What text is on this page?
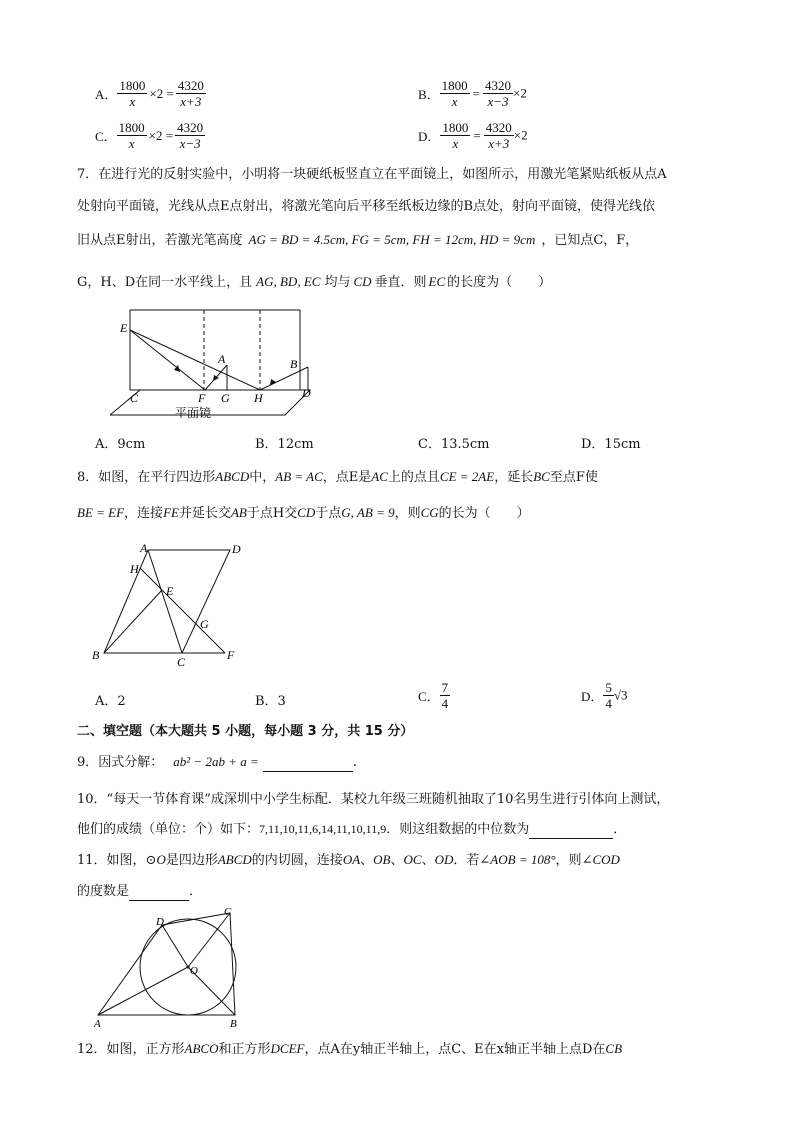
A． $\frac{1800}{x} \times 2 = \frac{4320}{x+3}$	B． $\frac{1800}{x} = \frac{4320}{x-3} \times 2$
C． $\frac{1800}{x} \times 2 = \frac{4320}{x-3}$	D． $\frac{1800}{x} = \frac{4320}{x+3} \times 2$
7．在进行光的反射实验中，小明将一块硬纸板竖直立在平面镜上，如图所示，用激光笔紧贴纸板从点A
处射向平面镜，光线从点E点射出，将激光笔向后平移至纸板边缘的B点处，射向平面镜，使得光线依
旧从点E射出，若激光笔高度 AG = BD = 4.5cm, FG = 5cm, FH = 12cm, HD = 9cm ，已知点C，F，
G，H、D在同一水平线上，且 AG, BD, EC 均与 CD 垂直．则 EC 的长度为（　　）
E
A	B
C	F G H	D
平面镜
A．9cm	B．12cm	C．13.5cm	D．15cm
8．如图，在平行四边形ABCD中，AB = AC，点E是AC上的点且CE = 2AE，延长BC至点F使
BE = EF，连接FE并延长交AB于点H交CD于点G, AB = 9，则CG的长为（　　）
A	D
H
E
G
B	C	F
A．2	B．3	C． $\frac{7}{4}$	D． $\frac{5}{4} √3$
二、填空题（本大题共 5 小题，每小题 3 分，共 15 分）
9．因式分解： ab² − 2ab + a =	.
10．“每天一节体育课”成深圳中小学生标配．某校九年级三班随机抽取了10名男生进行引体向上测试，
他们的成绩（单位：个）如下：7,11,10,11,6,14,11,10,11,9．则这组数据的中位数为	．
11．如图，⊙O是四边形ABCD的内切圆，连接OA、OB、OC、OD．若∠AOB = 108°，则∠COD
的度数是	．
A	B
C
D
O
12．如图，正方形ABCO和正方形DCEF，点A在y轴正半轴上，点C、E在x轴正半轴上点D在CB
